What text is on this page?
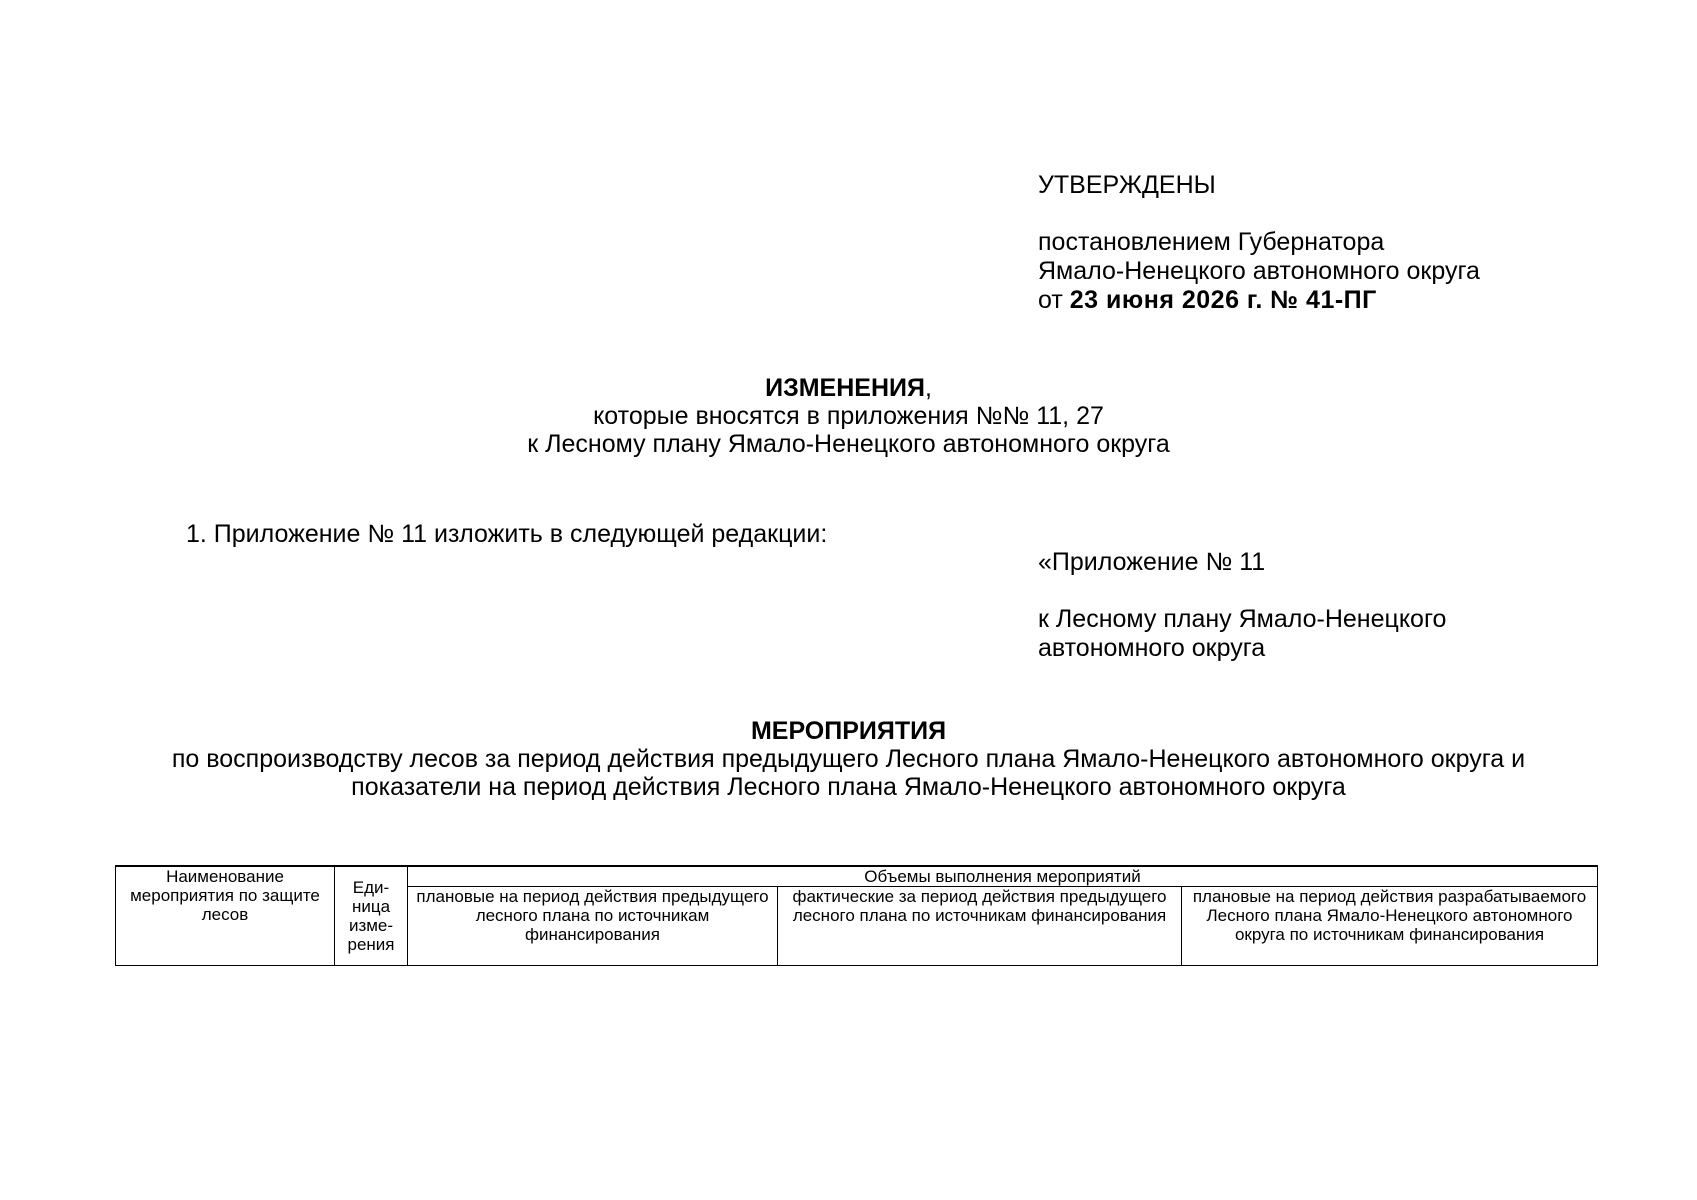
УТВЕРЖДЕНЫ
постановлением Губернатора
Ямало-Ненецкого автономного округа
от 23 июня 2026 г. № 41-ПГ
ИЗМЕНЕНИЯ,
которые вносятся в приложения №№ 11, 27
к Лесному плану Ямало-Ненецкого автономного округа
1. Приложение № 11 изложить в следующей редакции:
«Приложение № 11
к Лесному плану Ямало-Ненецкого
автономного округа
МЕРОПРИЯТИЯ
по воспроизводству лесов за период действия предыдущего Лесного плана Ямало-Ненецкого автономного округа и
показатели на период действия Лесного плана Ямало-Ненецкого автономного округа
Наименование мероприятия по защите лесов	Еди-ница изме-рения	Объемы выполнения мероприятий		
		плановые на период действия предыдущего лесного плана по источникам финансирования	фактические за период действия предыдущего лесного плана по источникам финансирования	плановые на период действия разрабатываемого Лесного плана Ямало-Ненецкого автономного округа по источникам финансирования
